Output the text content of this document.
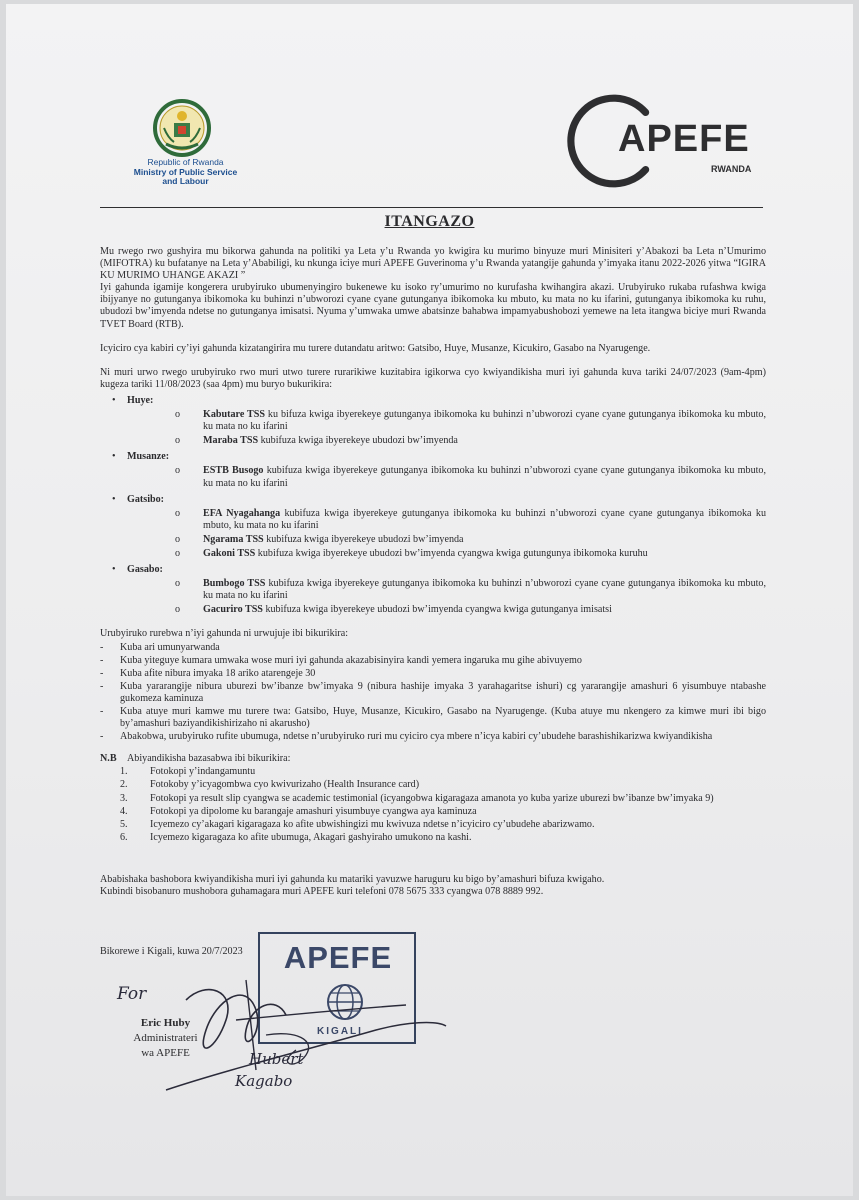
Republic of Rwanda
Ministry of Public Service
and Labour
APEFE
RWANDA
ITANGAZO

Mu rwego rwo gushyira mu bikorwa gahunda na politiki ya Leta y’u Rwanda yo kwigira ku murimo binyuze muri Minisiteri y’Abakozi ba Leta n’Umurimo (MIFOTRA) ku bufatanye na Leta y’Ababiligi, ku nkunga iciye muri APEFE Guverinoma y’u Rwanda yatangije gahunda y’imyaka itanu 2022-2026 yitwa “IGIRA KU MURIMO UHANGE AKAZI ”

Iyi gahunda igamije kongerera urubyiruko ubumenyingiro bukenewe ku isoko ry’umurimo no kurufasha kwihangira akazi. Urubyiruko rukaba rufashwa kwiga ibijyanye no gutunganya ibikomoka ku buhinzi n’ubworozi cyane cyane gutunganya ibikomoka ku mbuto, ku mata no ku ifarini, gutunganya ibikomoka ku ruhu, ubudozi bw’imyenda ndetse no gutunganya imisatsi. Nyuma y’umwaka umwe abatsinze bahabwa impamyabushobozi yemewe na leta itangwa biciye muri Rwanda TVET Board (RTB).

Icyiciro cya kabiri cy’iyi gahunda kizatangirira mu turere dutandatu aritwo: Gatsibo, Huye, Musanze, Kicukiro, Gasabo na Nyarugenge.

Ni muri urwo rwego urubyiruko rwo muri utwo turere rurarikiwe kuzitabira igikorwa cyo kwiyandikisha muri iyi gahunda kuva tariki 24/07/2023 (9am-4pm) kugeza tariki 11/08/2023 (saa 4pm) mu buryo bukurikira:

•	Huye:
o	Kabutare TSS ku bifuza kwiga ibyerekeye gutunganya ibikomoka ku buhinzi n’ubworozi cyane cyane gutunganya ibikomoka ku mbuto, ku mata no ku ifarini
o	Maraba TSS kubifuza kwiga ibyerekeye ubudozi bw’imyenda
•	Musanze:
o	ESTB Busogo kubifuza kwiga ibyerekeye gutunganya ibikomoka ku buhinzi n’ubworozi cyane cyane gutunganya ibikomoka ku mbuto, ku mata no ku ifarini
•	Gatsibo:
o	EFA Nyagahanga kubifuza kwiga ibyerekeye gutunganya ibikomoka ku buhinzi n’ubworozi cyane cyane gutunganya ibikomoka ku mbuto, ku mata no ku ifarini
o	Ngarama TSS kubifuza kwiga ibyerekeye ubudozi bw’imyenda
o	Gakoni TSS kubifuza kwiga ibyerekeye ubudozi bw’imyenda cyangwa kwiga gutungunya ibikomoka kuruhu
•	Gasabo:
o	Bumbogo TSS kubifuza kwiga ibyerekeye gutunganya ibikomoka ku buhinzi n’ubworozi cyane cyane gutunganya ibikomoka ku mbuto, ku mata no ku ifarini
o	Gacuriro TSS kubifuza kwiga ibyerekeye ubudozi bw’imyenda cyangwa kwiga gutunganya imisatsi

Urubyiruko rurebwa n’iyi gahunda ni urwujuje ibi bikurikira:

-	Kuba ari umunyarwanda
-	Kuba yiteguye kumara umwaka wose muri iyi gahunda akazabisinyira kandi yemera ingaruka mu gihe abivuyemo
-	Kuba afite nibura imyaka 18 ariko atarengeje 30
-	Kuba yararangije nibura uburezi bw’ibanze bw’imyaka 9 (nibura hashije imyaka 3 yarahagaritse ishuri) cg yararangije amashuri 6 yisumbuye ntabashe gukomeza kaminuza
-	Kuba atuye muri kamwe mu turere twa: Gatsibo, Huye, Musanze, Kicukiro, Gasabo na Nyarugenge. (Kuba atuye mu nkengero za kimwe muri ibi bigo by’amashuri baziyandikishirizaho ni akarusho)
-	Abakobwa, urubyiruko rufite ubumuga, ndetse n’urubyiruko ruri mu cyiciro cya mbere n’icya kabiri cy’ubudehe barashishikarizwa kwiyandikisha
N.B	Abiyandikisha bazasabwa ibi bikurikira:
1.	Fotokopi y’indangamuntu
2.	Fotokoby y’icyagombwa cyo kwivurizaho (Health Insurance card)
3.	Fotokopi ya result slip cyangwa se academic testimonial (icyangobwa kigaragaza amanota yo kuba yarize uburezi bw’ibanze bw’imyaka 9)
4.	Fotokopi ya dipolome ku barangaje amashuri yisumbuye cyangwa aya kaminuza
5.	Icyemezo cy’akagari kigaragaza ko afite ubwishingizi mu kwivuza ndetse n’icyiciro cy’ubudehe abarizwamo.
6.	Icyemezo kigaragaza ko afite ubumuga, Akagari gashyiraho umukono na kashi.

Ababishaka bashobora kwiyandikisha muri iyi gahunda ku matariki yavuzwe haruguru ku bigo by’amashuri bifuza kwigaho.

Kubindi bisobanuro mushobora guhamagara muri APEFE kuri telefoni 078 5675 333 cyangwa 078 8889 992.

Bikorewe i Kigali, kuwa 20/7/2023	APEFE
KIGALI
For
Eric Huby
Administrateri
wa APEFE	Hubert
Kagabo
